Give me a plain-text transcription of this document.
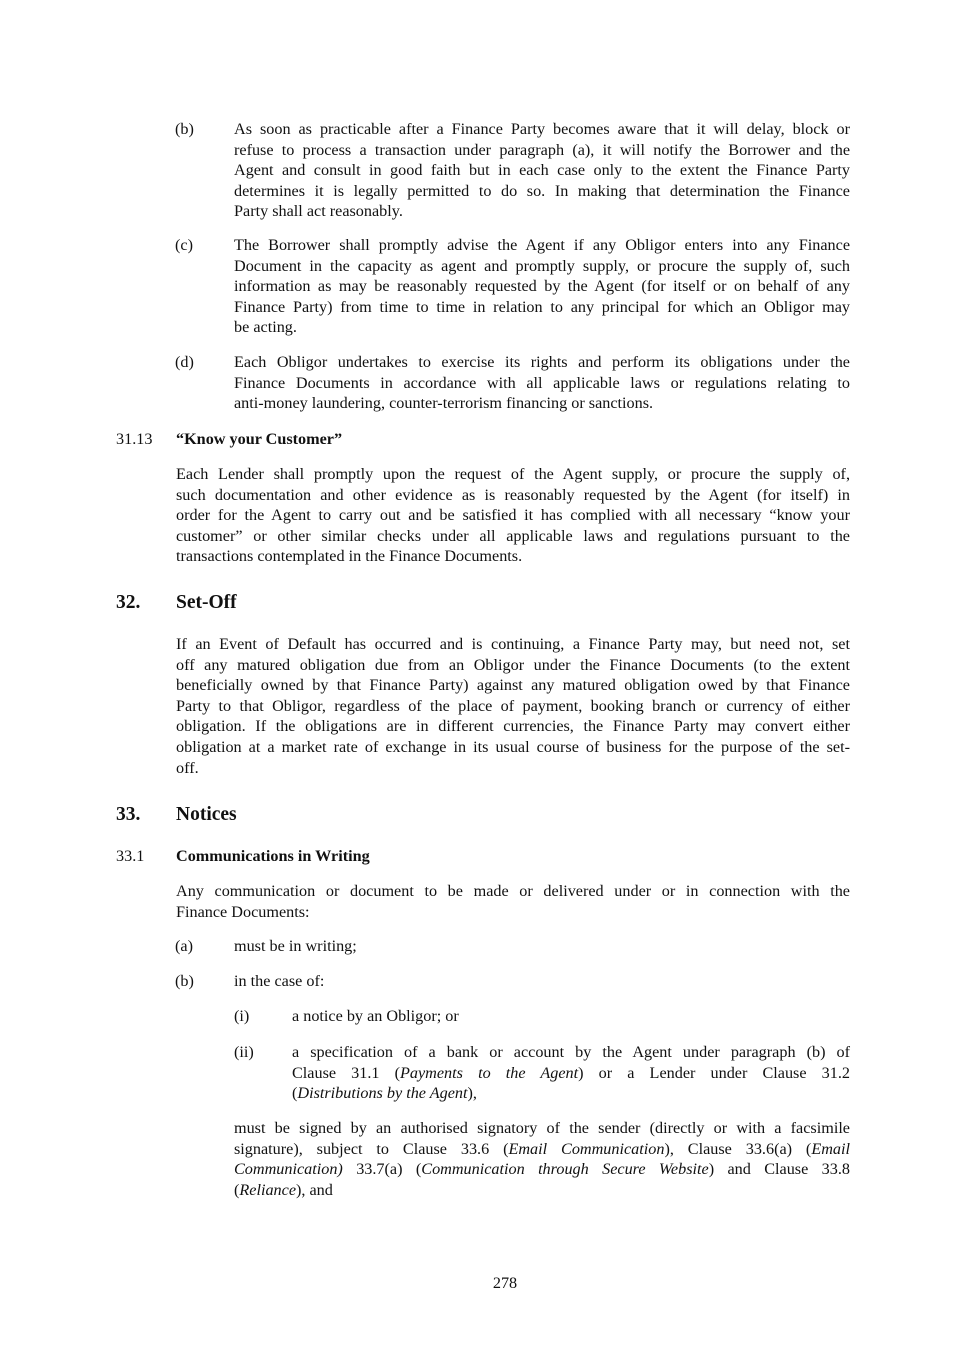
(b) As soon as practicable after a Finance Party becomes aware that it will delay, block or
refuse to process a transaction under paragraph (a), it will notify the Borrower and the
Agent and consult in good faith but in each case only to the extent the Finance Party
determines it is legally permitted to do so. In making that determination the Finance
Party shall act reasonably.
(c)	The Borrower shall promptly advise the Agent if any Obligor enters into any Finance
Document in the capacity as agent and promptly supply, or procure the supply of, such
information as may be reasonably requested by the Agent (for itself or on behalf of any
Finance Party) from time to time in relation to any principal for which an Obligor may
be acting.
(d) Each Obligor undertakes to exercise its rights and perform its obligations under the
Finance Documents in accordance with all applicable laws or regulations relating to
anti-money laundering, counter-terrorism financing or sanctions.
31.13 “Know your Customer”
Each Lender shall promptly upon the request of the Agent supply, or procure the supply of,
such documentation and other evidence as is reasonably requested by the Agent (for itself) in
order for the Agent to carry out and be satisfied it has complied with all necessary “know your
customer” or other similar checks under all applicable laws and regulations pursuant to the
transactions contemplated in the Finance Documents.
32. Set-Off
If an Event of Default has occurred and is continuing, a Finance Party may, but need not, set
off any matured obligation due from an Obligor under the Finance Documents (to the extent
beneficially owned by that Finance Party) against any matured obligation owed by that Finance
Party to that Obligor, regardless of the place of payment, booking branch or currency of either
obligation. If the obligations are in different currencies, the Finance Party may convert either
obligation at a market rate of exchange in its usual course of business for the purpose of the set-
off.
33. Notices
33.1 Communications in Writing
Any communication or document to be made or delivered under or in connection with the
Finance Documents:
(a)	must be in writing;
(b) in the case of:
(i)	a notice by an Obligor; or
(ii) a specification of a bank or account by the Agent under paragraph (b) of
Clause 31.1 (Payments to the Agent) or a Lender under Clause 31.2
(Distributions by the Agent),
must be signed by an authorised signatory of the sender (directly or with a facsimile
signature), subject to Clause 33.6 (Email Communication), Clause 33.6(a) (Email
Communication) 33.7(a) (Communication through Secure Website) and Clause 33.8
(Reliance), and
278
